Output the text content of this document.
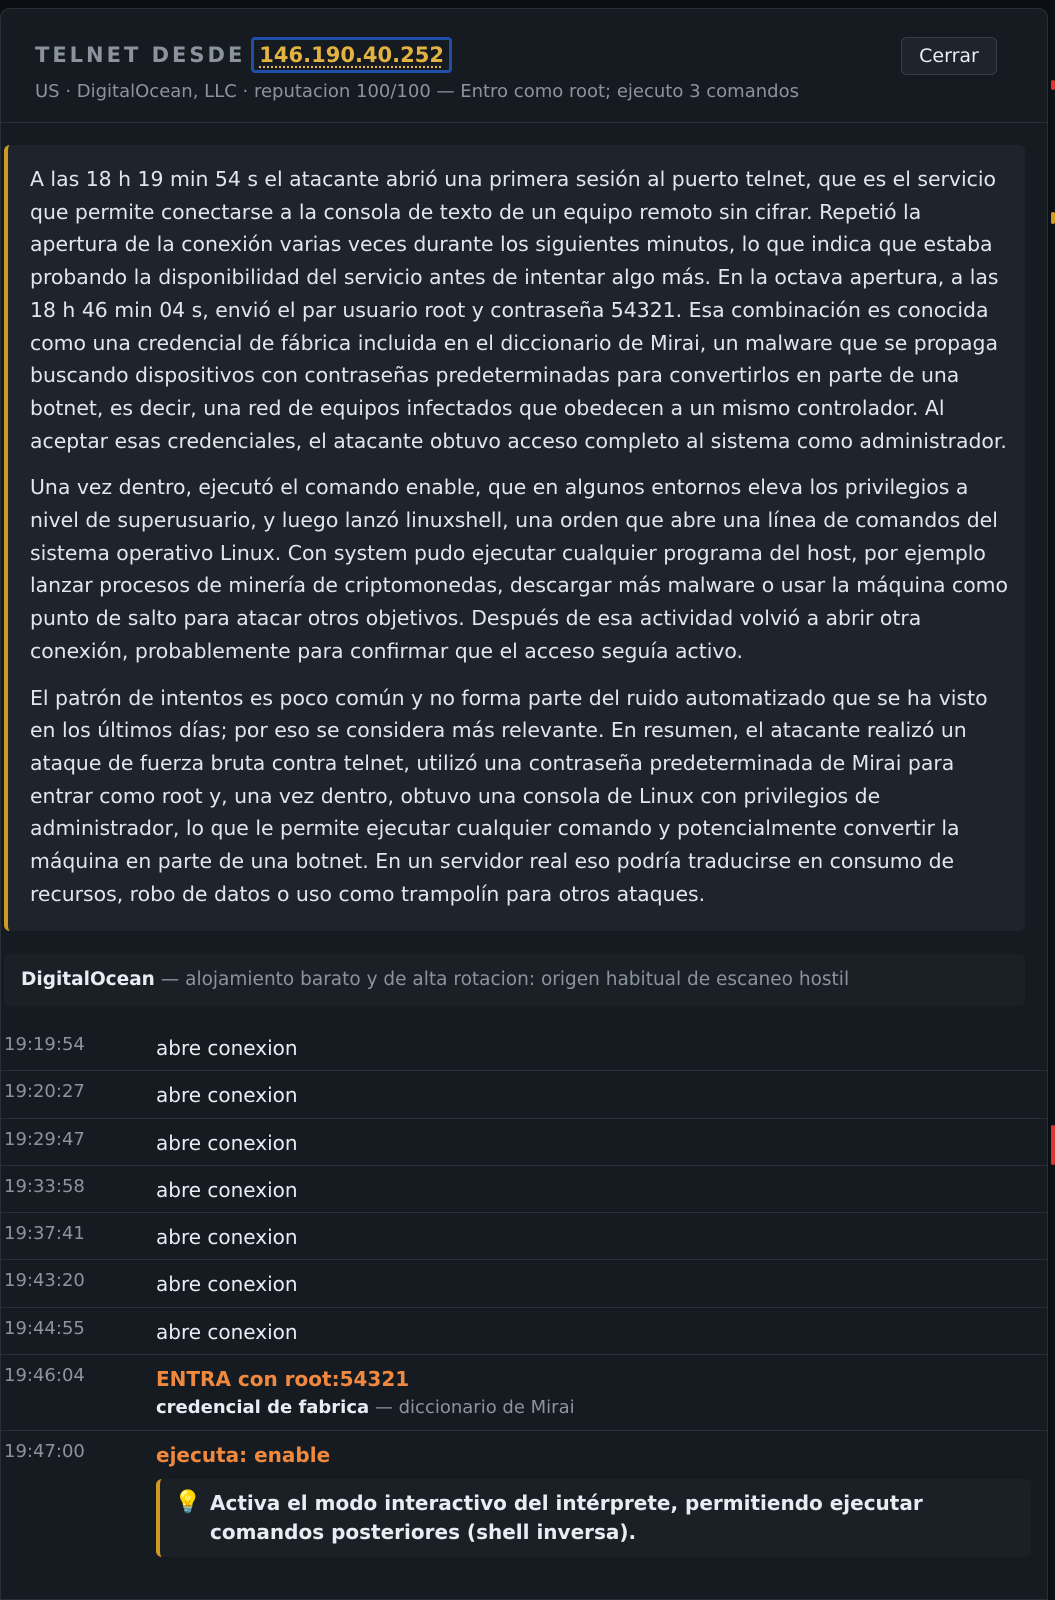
TELNET DESDE 146.190.40.252
US · DigitalOcean, LLC · reputacion 100/100 — Entro como root; ejecuto 3 comandos
Cerrar

A las 18 h 19 min 54 s el atacante abrió una primera sesión al puerto telnet, que es el servicio que permite conectarse a la consola de texto de un equipo remoto sin cifrar. Repetió la apertura de la conexión varias veces durante los siguientes minutos, lo que indica que estaba probando la disponibilidad del servicio antes de intentar algo más. En la octava apertura, a las 18 h 46 min 04 s, envió el par usuario root y contraseña 54321. Esa combinación es conocida como una credencial de fábrica incluida en el diccionario de Mirai, un malware que se propaga buscando dispositivos con contraseñas predeterminadas para convertirlos en parte de una botnet, es decir, una red de equipos infectados que obedecen a un mismo controlador. Al aceptar esas credenciales, el atacante obtuvo acceso completo al sistema como administrador.

Una vez dentro, ejecutó el comando enable, que en algunos entornos eleva los privilegios a nivel de superusuario, y luego lanzó linuxshell, una orden que abre una línea de comandos del sistema operativo Linux. Con system pudo ejecutar cualquier programa del host, por ejemplo lanzar procesos de minería de criptomonedas, descargar más malware o usar la máquina como punto de salto para atacar otros objetivos. Después de esa actividad volvió a abrir otra conexión, probablemente para confirmar que el acceso seguía activo.

El patrón de intentos es poco común y no forma parte del ruido automatizado que se ha visto en los últimos días; por eso se considera más relevante. En resumen, el atacante realizó un ataque de fuerza bruta contra telnet, utilizó una contraseña predeterminada de Mirai para entrar como root y, una vez dentro, obtuvo una consola de Linux con privilegios de administrador, lo que le permite ejecutar cualquier comando y potencialmente convertir la máquina en parte de una botnet. En un servidor real eso podría traducirse en consumo de recursos, robo de datos o uso como trampolín para otros ataques.

DigitalOcean — alojamiento barato y de alta rotacion: origen habitual de escaneo hostil
19:19:54	abre conexion
19:20:27	abre conexion
19:29:47	abre conexion
19:33:58	abre conexion
19:37:41	abre conexion
19:43:20	abre conexion
19:44:55	abre conexion
19:46:04	ENTRA con root:54321
credencial de fabrica — diccionario de Mirai
19:47:00	ejecuta: enable
💡 Activa el modo interactivo del intérprete, permitiendo ejecutar comandos posteriores (shell inversa).
